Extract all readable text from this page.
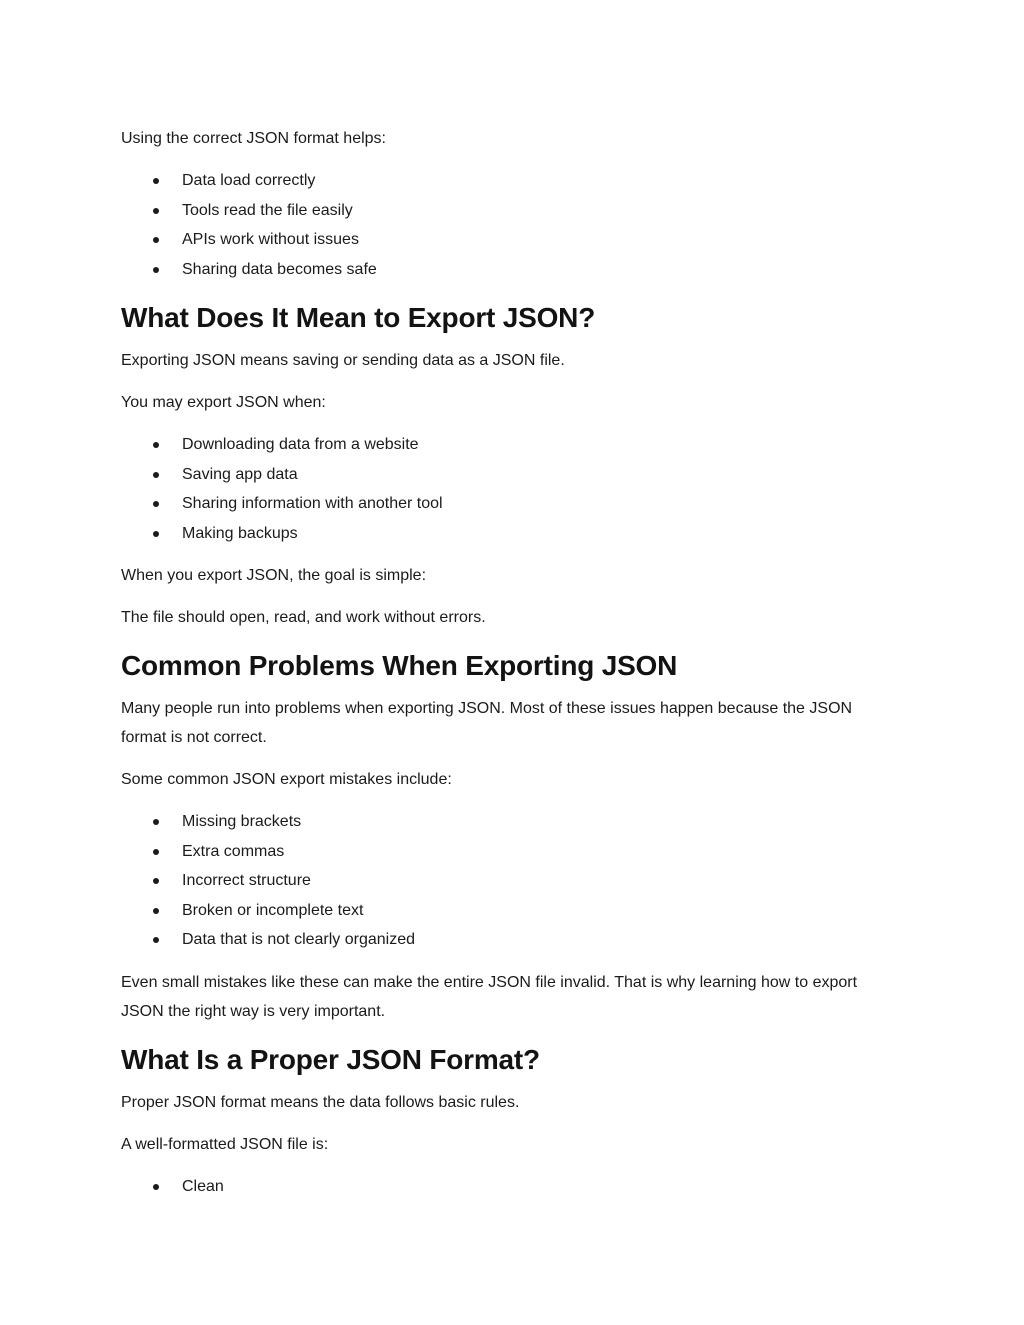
Using the correct JSON format helps:

Data load correctly
Tools read the file easily
APIs work without issues
Sharing data becomes safe
What Does It Mean to Export JSON?

Exporting JSON means saving or sending data as a JSON file.

You may export JSON when:

Downloading data from a website
Saving app data
Sharing information with another tool
Making backups

When you export JSON, the goal is simple:

The file should open, read, and work without errors.

Common Problems When Exporting JSON

Many people run into problems when exporting JSON. Most of these issues happen because the JSON format is not correct.

Some common JSON export mistakes include:

Missing brackets
Extra commas
Incorrect structure
Broken or incomplete text
Data that is not clearly organized

Even small mistakes like these can make the entire JSON file invalid. That is why learning how to export JSON the right way is very important.

What Is a Proper JSON Format?

Proper JSON format means the data follows basic rules.

A well-formatted JSON file is:

Clean
